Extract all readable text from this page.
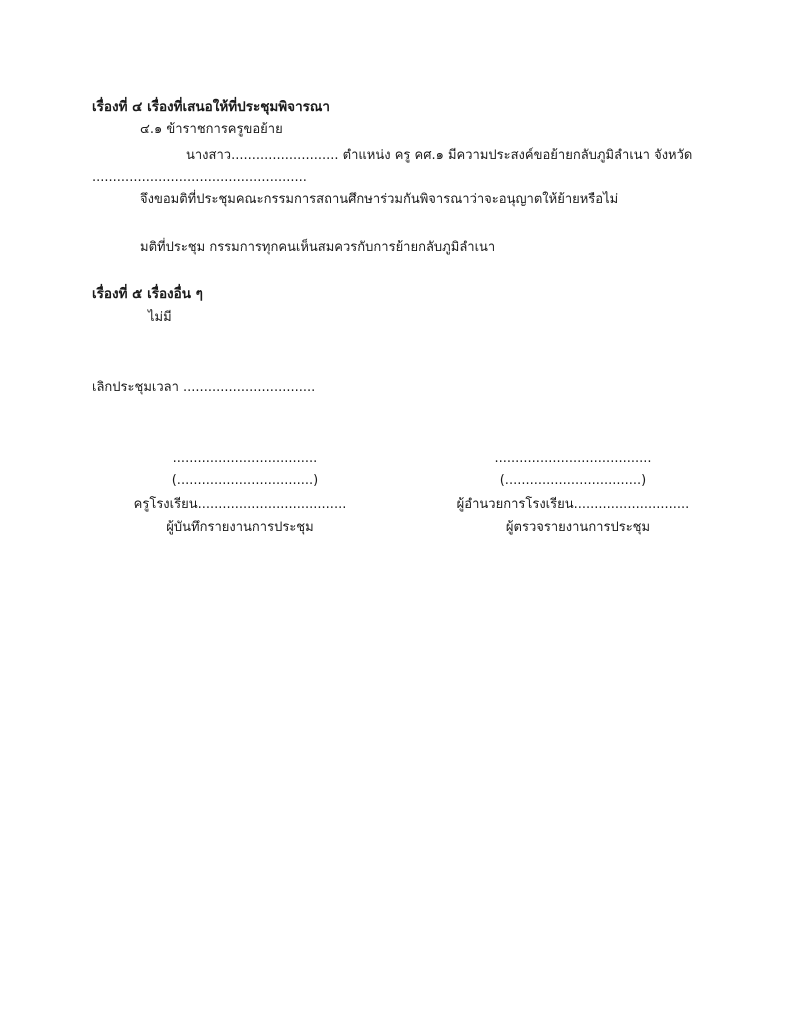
เรื่องที่ ๔ เรื่องที่เสนอให้ที่ประชุมพิจารณา
๔.๑ ข้าราชการครูขอย้าย
นางสาว.......................... ตำแหน่ง ครู คศ.๑ มีความประสงค์ขอย้ายกลับภูมิลำเนา จังหวัด
....................................................
จึงขอมติที่ประชุมคณะกรรมการสถานศึกษาร่วมกันพิจารณาว่าจะอนุญาตให้ย้ายหรือไม่
มติที่ประชุม กรรมการทุกคนเห็นสมควรกับการย้ายกลับภูมิลำเนา
เรื่องที่ ๕ เรื่องอื่น ๆ
ไม่มี
เลิกประชุมเวลา ................................
...................................
(.................................)
ครูโรงเรียน....................................
ผู้บันทึกรายงานการประชุม
......................................
(.................................)
ผู้อำนวยการโรงเรียน............................
ผู้ตรวจรายงานการประชุม
